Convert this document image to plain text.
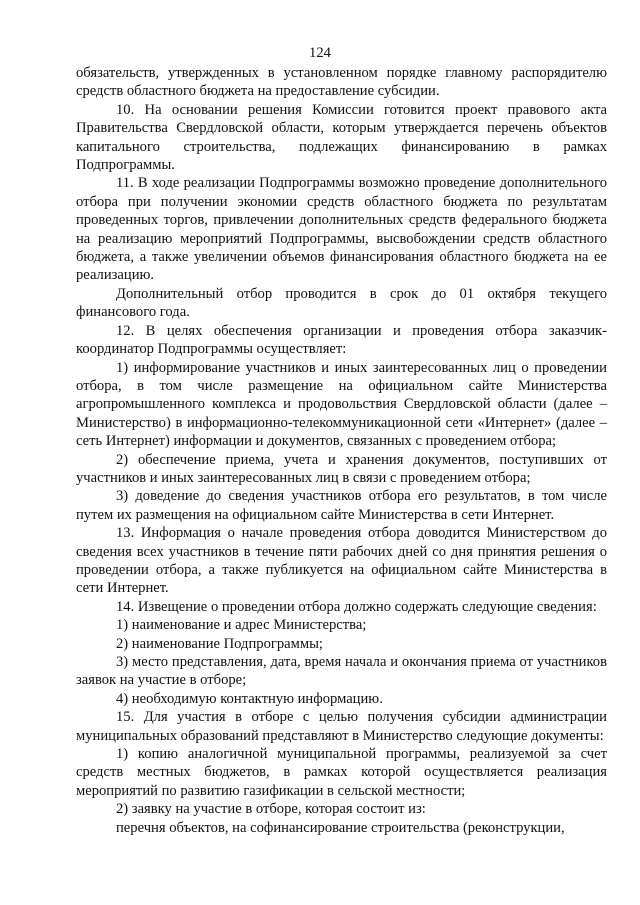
124

обязательств, утвержденных в установленном порядке главному распорядителю средств областного бюджета на предоставление субсидии.

10. На основании решения Комиссии готовится проект правового акта Правительства Свердловской области, которым утверждается перечень объектов капитального строительства, подлежащих финансированию в рамках Подпрограммы.

11. В ходе реализации Подпрограммы возможно проведение дополнительного отбора при получении экономии средств областного бюджета по результатам проведенных торгов, привлечении дополнительных средств федерального бюджета на реализацию мероприятий Подпрограммы, высвобождении средств областного бюджета, а также увеличении объемов финансирования областного бюджета на ее реализацию.

Дополнительный отбор проводится в срок до 01 октября текущего финансового года.

12. В целях обеспечения организации и проведения отбора заказчик-координатор Подпрограммы осуществляет:

1) информирование участников и иных заинтересованных лиц о проведении отбора, в том числе размещение на официальном сайте Министерства агропромышленного комплекса и продовольствия Свердловской области (далее – Министерство) в информационно-телекоммуникационной сети «Интернет» (далее – сеть Интернет) информации и документов, связанных с проведением отбора;

2) обеспечение приема, учета и хранения документов, поступивших от участников и иных заинтересованных лиц в связи с проведением отбора;

3) доведение до сведения участников отбора его результатов, в том числе путем их размещения на официальном сайте Министерства в сети Интернет.

13. Информация о начале проведения отбора доводится Министерством до сведения всех участников в течение пяти рабочих дней со дня принятия решения о проведении отбора, а также публикуется на официальном сайте Министерства в сети Интернет.

14. Извещение о проведении отбора должно содержать следующие сведения:

1) наименование и адрес Министерства;

2) наименование Подпрограммы;

3) место представления, дата, время начала и окончания приема от участников заявок на участие в отборе;

4) необходимую контактную информацию.

15. Для участия в отборе с целью получения субсидии администрации муниципальных образований представляют в Министерство следующие документы:

1) копию аналогичной муниципальной программы, реализуемой за счет средств местных бюджетов, в рамках которой осуществляется реализация мероприятий по развитию газификации в сельской местности;

2) заявку на участие в отборе, которая состоит из:

перечня объектов, на софинансирование строительства (реконструкции,
